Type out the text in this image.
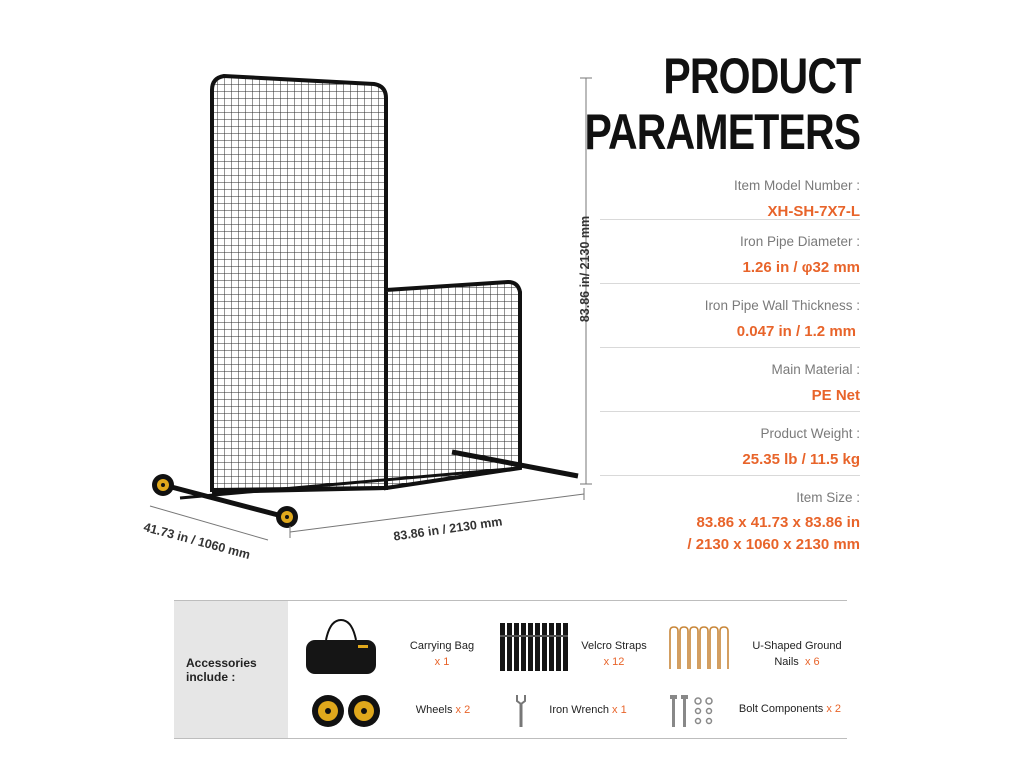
83.86 in/ 2130 mm
83.86 in / 2130 mm
41.73 in / 1060 mm
PRODUCT
PARAMETERS
Item Model Number :
XH-SH-7X7-L
Iron Pipe Diameter :
1.26 in / φ32 mm
Iron Pipe Wall Thickness :
0.047 in / 1.2 mm
Main Material :
PE Net
Product Weight :
25.35 lb / 11.5 kg
Item Size :
83.86 x 41.73 x 83.86 in
/ 2130 x 1060 x 2130 mm
Accessories
include :
Carrying Bag
x 1
Velcro Straps
x 12
U-Shaped Ground
Nails x 6
Wheels x 2	Iron Wrench x 1	Bolt Components x 2
